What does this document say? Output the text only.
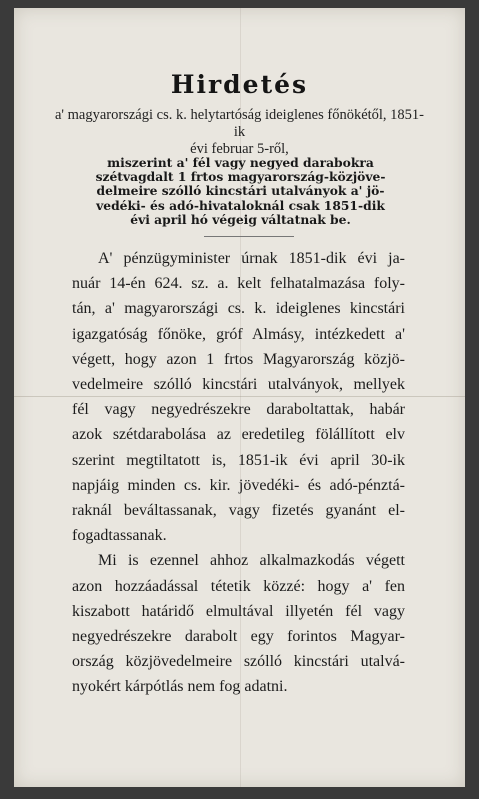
Hirdetés
a' magyarországi cs. k. helytartóság ideiglenes főnökétől, 1851-ik
évi februar 5-ről,
miszerint a' fél vagy negyed darabokra
szétvagdalt 1 frtos magyarország-közjöve-
delmeire szólló kincstári utalványok a' jö-
vedéki- és adó-hivataloknál csak 1851-dik
évi april hó végeig váltatnak be.
A' pénzügyminister úrnak 1851-dik évi ja-
nuár 14-én 624. sz. a. kelt felhatalmazása foly-
tán, a' magyarországi cs. k. ideiglenes kincstári
igazgatóság főnöke, gróf Almásy, intézkedett a'
végett, hogy azon 1 frtos Magyarország közjö-
vedelmeire szólló kincstári utalványok, mellyek
fél vagy negyedrészekre daraboltattak, habár
azok szétdarabolása az eredetileg fölállított elv
szerint megtiltatott is, 1851-ik évi april 30-ik
napjáig minden cs. kir. jövedéki- és adó-pénztá-
raknál beváltassanak, vagy fizetés gyanánt el-
fogadtassanak.
Mi is ezennel ahhoz alkalmazkodás végett
azon hozzáadással tétetik közzé: hogy a' fen
kiszabott határidő elmultával illyetén fél vagy
negyedrészekre darabolt egy forintos Magyar-
ország közjövedelmeire szólló kincstári utalvá-
nyokért kárpótlás nem fog adatni.
